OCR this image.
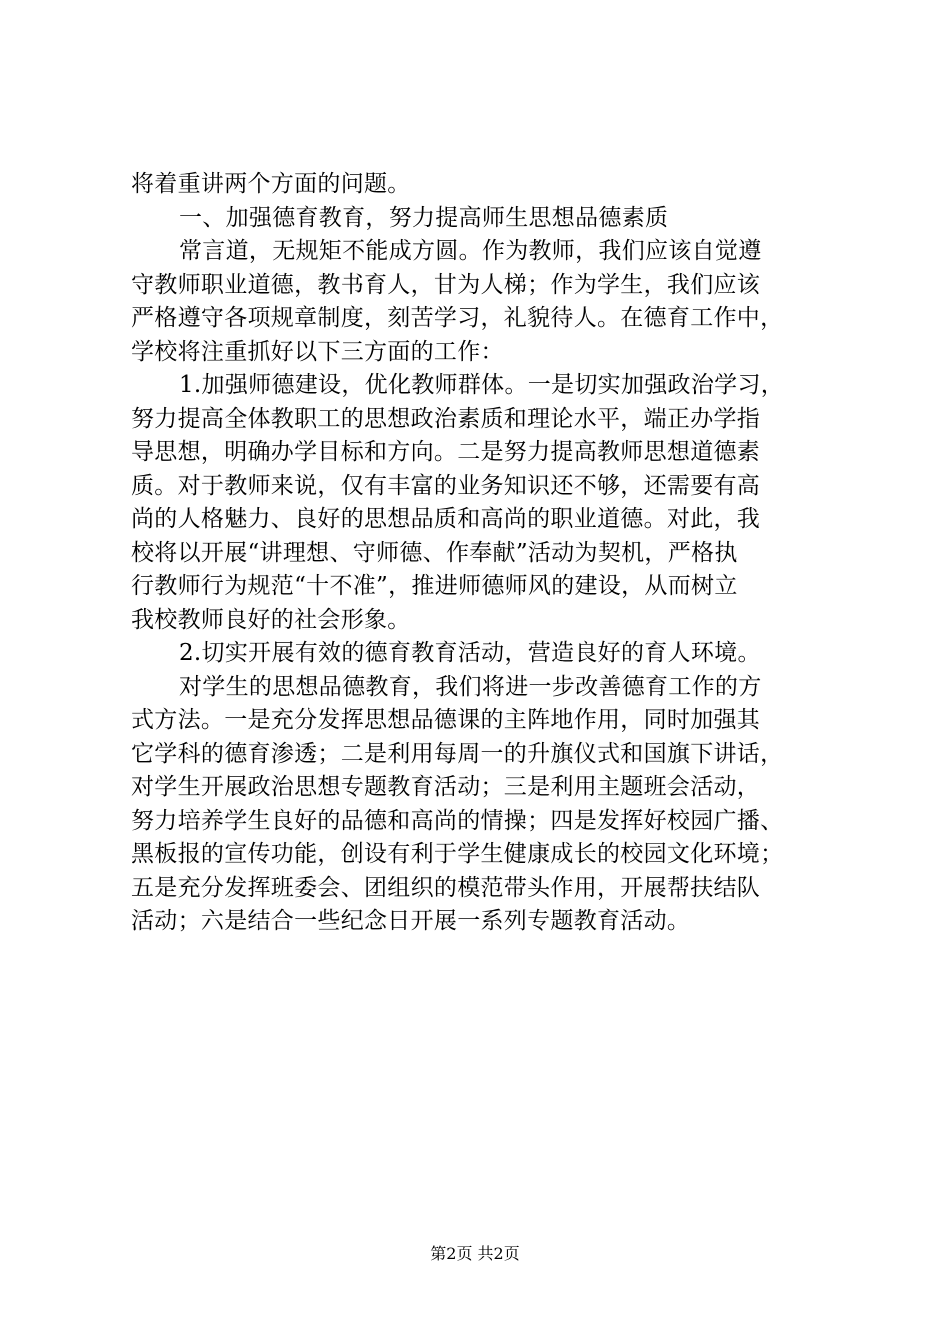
将着重讲两个方面的问题。

一、加强德育教育，努力提高师生思想品德素质

常言道，无规矩不能成方圆。作为教师，我们应该自觉遵

守教师职业道德，教书育人，甘为人梯；作为学生，我们应该

严格遵守各项规章制度，刻苦学习，礼貌待人。在德育工作中，

学校将注重抓好以下三方面的工作：

1.加强师德建设，优化教师群体。一是切实加强政治学习，

努力提高全体教职工的思想政治素质和理论水平，端正办学指

导思想，明确办学目标和方向。二是努力提高教师思想道德素

质。对于教师来说，仅有丰富的业务知识还不够，还需要有高

尚的人格魅力、良好的思想品质和高尚的职业道德。对此，我

校将以开展“讲理想、守师德、作奉献”活动为契机，严格执

行教师行为规范“十不准”，推进师德师风的建设，从而树立

我校教师良好的社会形象。

2.切实开展有效的德育教育活动，营造良好的育人环境。

对学生的思想品德教育，我们将进一步改善德育工作的方

式方法。一是充分发挥思想品德课的主阵地作用，同时加强其

它学科的德育渗透；二是利用每周一的升旗仪式和国旗下讲话，

对学生开展政治思想专题教育活动；三是利用主题班会活动，

努力培养学生良好的品德和高尚的情操；四是发挥好校园广播、

黑板报的宣传功能，创设有利于学生健康成长的校园文化环境；

五是充分发挥班委会、团组织的模范带头作用，开展帮扶结队

活动；六是结合一些纪念日开展一系列专题教育活动。

第2页 共2页
